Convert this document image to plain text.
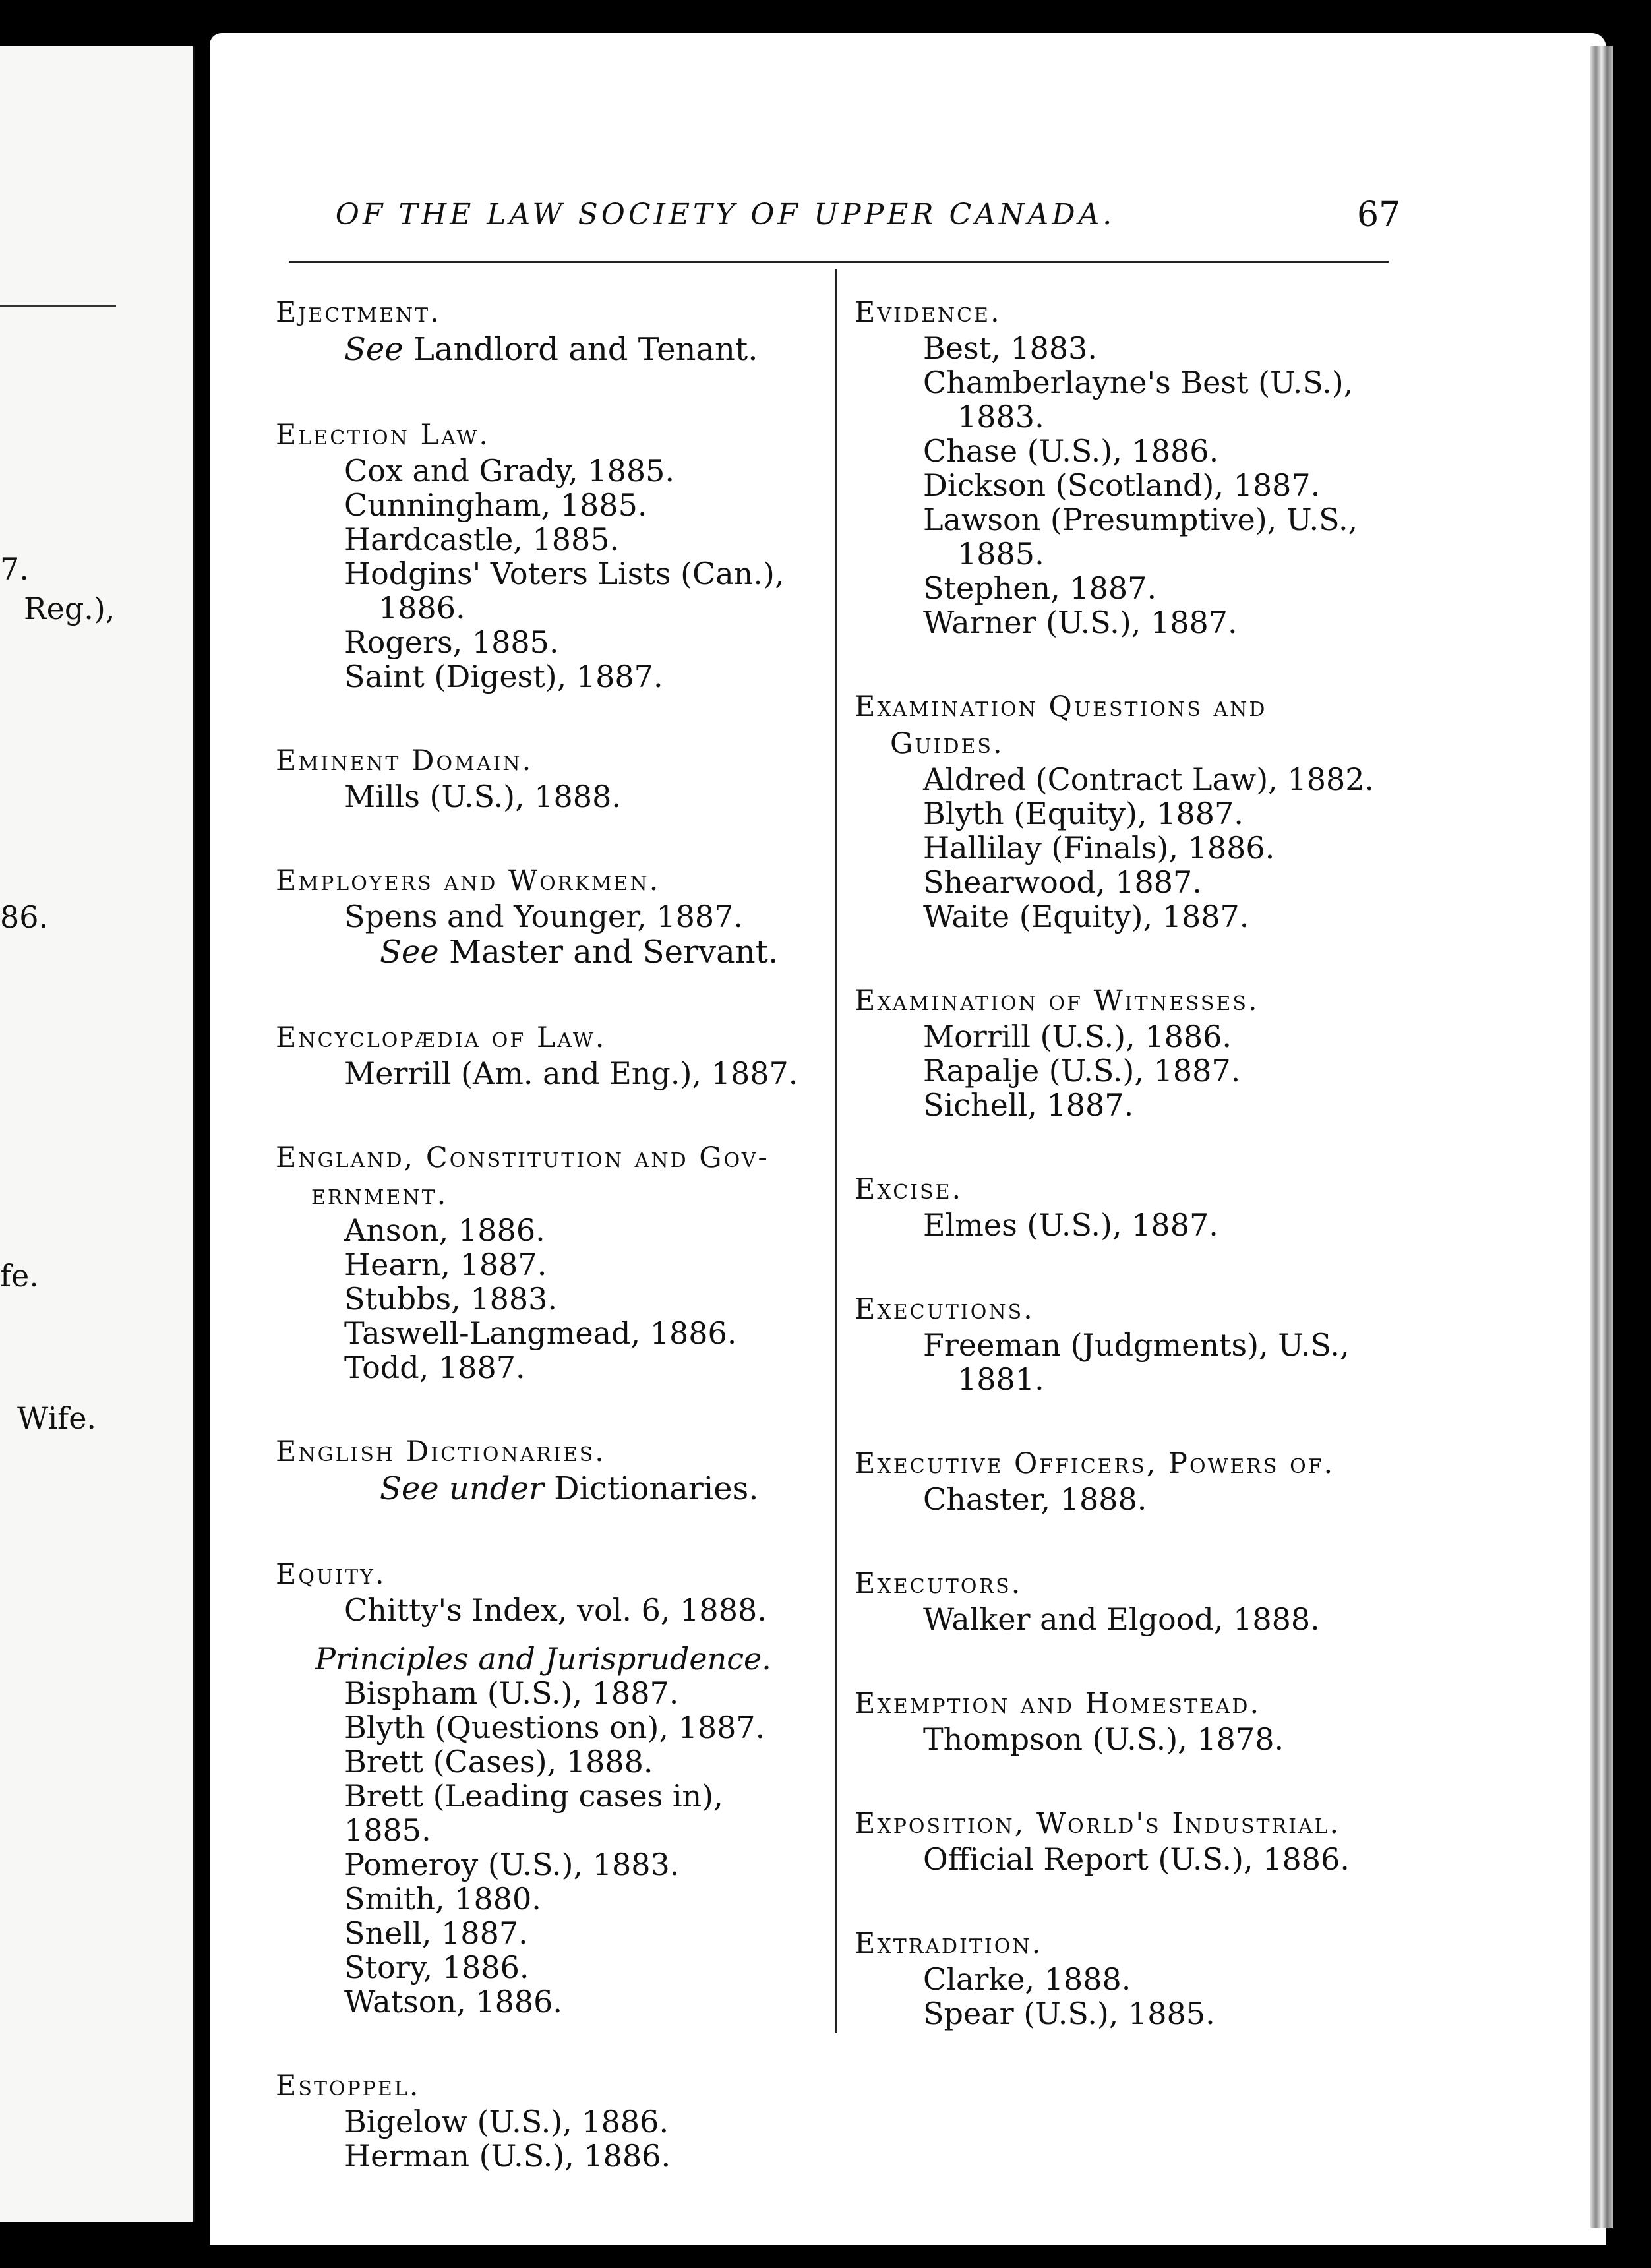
7.
Reg.),
86.
fe.
Wife.
OF THE LAW SOCIETY OF UPPER CANADA.	67
Ejectment.
See Landlord and Tenant.
Election Law.
Cox and Grady, 1885.
Cunningham, 1885.
Hardcastle, 1885.
Hodgins' Voters Lists (Can.),
1886.
Rogers, 1885.
Saint (Digest), 1887.
Eminent Domain.
Mills (U.S.), 1888.
Employers and Workmen.
Spens and Younger, 1887.
See Master and Servant.
Encyclopædia of Law.
Merrill (Am. and Eng.), 1887.
England, Constitution and Gov-
ernment.
Anson, 1886.
Hearn, 1887.
Stubbs, 1883.
Taswell-Langmead, 1886.
Todd, 1887.
English Dictionaries.
See under Dictionaries.
Equity.
Chitty's Index, vol. 6, 1888.
Principles and Jurisprudence.
Bispham (U.S.), 1887.
Blyth (Questions on), 1887.
Brett (Cases), 1888.
Brett (Leading cases in), 1885.
Pomeroy (U.S.), 1883.
Smith, 1880.
Snell, 1887.
Story, 1886.
Watson, 1886.
Estoppel.
Bigelow (U.S.), 1886.
Herman (U.S.), 1886.
Evidence.
Best, 1883.
Chamberlayne's Best (U.S.),
1883.
Chase (U.S.), 1886.
Dickson (Scotland), 1887.
Lawson (Presumptive), U.S.,
1885.
Stephen, 1887.
Warner (U.S.), 1887.
Examination Questions and
Guides.
Aldred (Contract Law), 1882.
Blyth (Equity), 1887.
Hallilay (Finals), 1886.
Shearwood, 1887.
Waite (Equity), 1887.
Examination of Witnesses.
Morrill (U.S.), 1886.
Rapalje (U.S.), 1887.
Sichell, 1887.
Excise.
Elmes (U.S.), 1887.
Executions.
Freeman (Judgments), U.S.,
1881.
Executive Officers, Powers of.
Chaster, 1888.
Executors.
Walker and Elgood, 1888.
Exemption and Homestead.
Thompson (U.S.), 1878.
Exposition, World's Industrial.
Official Report (U.S.), 1886.
Extradition.
Clarke, 1888.
Spear (U.S.), 1885.
